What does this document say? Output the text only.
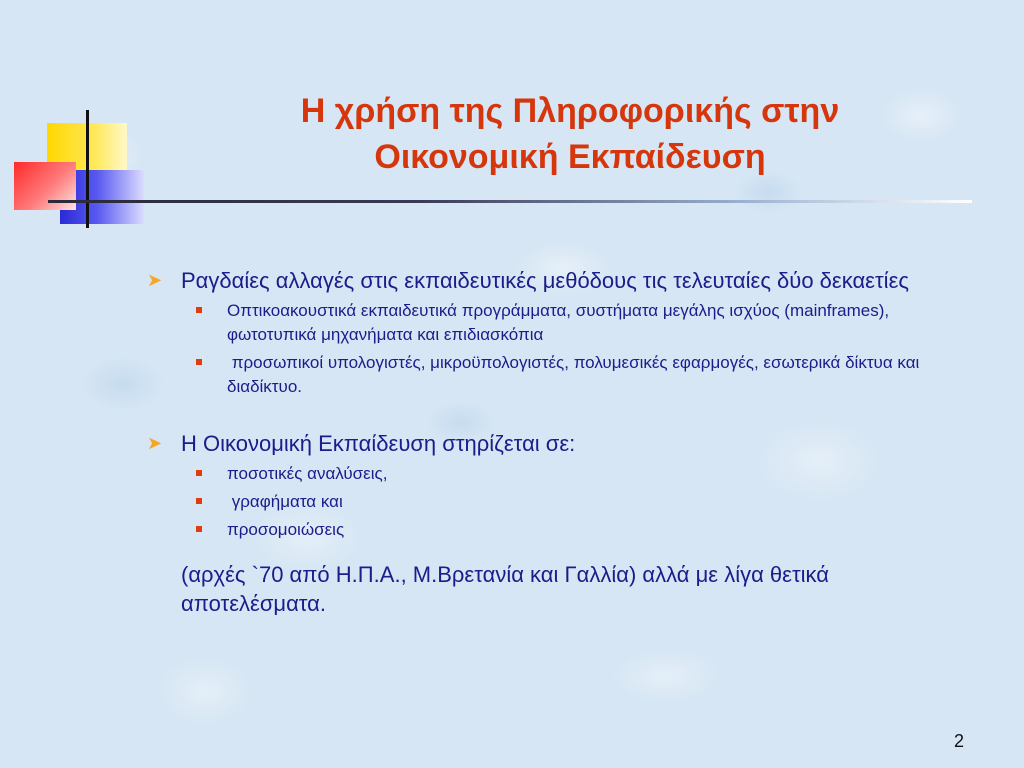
Η χρήση της Πληροφορικής στην
Οικονομική Εκπαίδευση
➤ Ραγδαίες αλλαγές στις εκπαιδευτικές μεθόδους τις τελευταίες δύο δεκαετίες
Οπτικοακουστικά εκπαιδευτικά προγράμματα, συστήματα μεγάλης ισχύος (mainframes), φωτοτυπικά μηχανήματα και επιδιασκόπια
προσωπικοί υπολογιστές, μικροϋπολογιστές, πολυμεσικές εφαρμογές, εσωτερικά δίκτυα και διαδίκτυο.
➤ Η Οικονομική Εκπαίδευση στηρίζεται σε:
ποσοτικές αναλύσεις,
γραφήματα και
προσομοιώσεις
(αρχές `70 από Η.Π.Α., Μ.Βρετανία και Γαλλία) αλλά με λίγα θετικά αποτελέσματα.
2
